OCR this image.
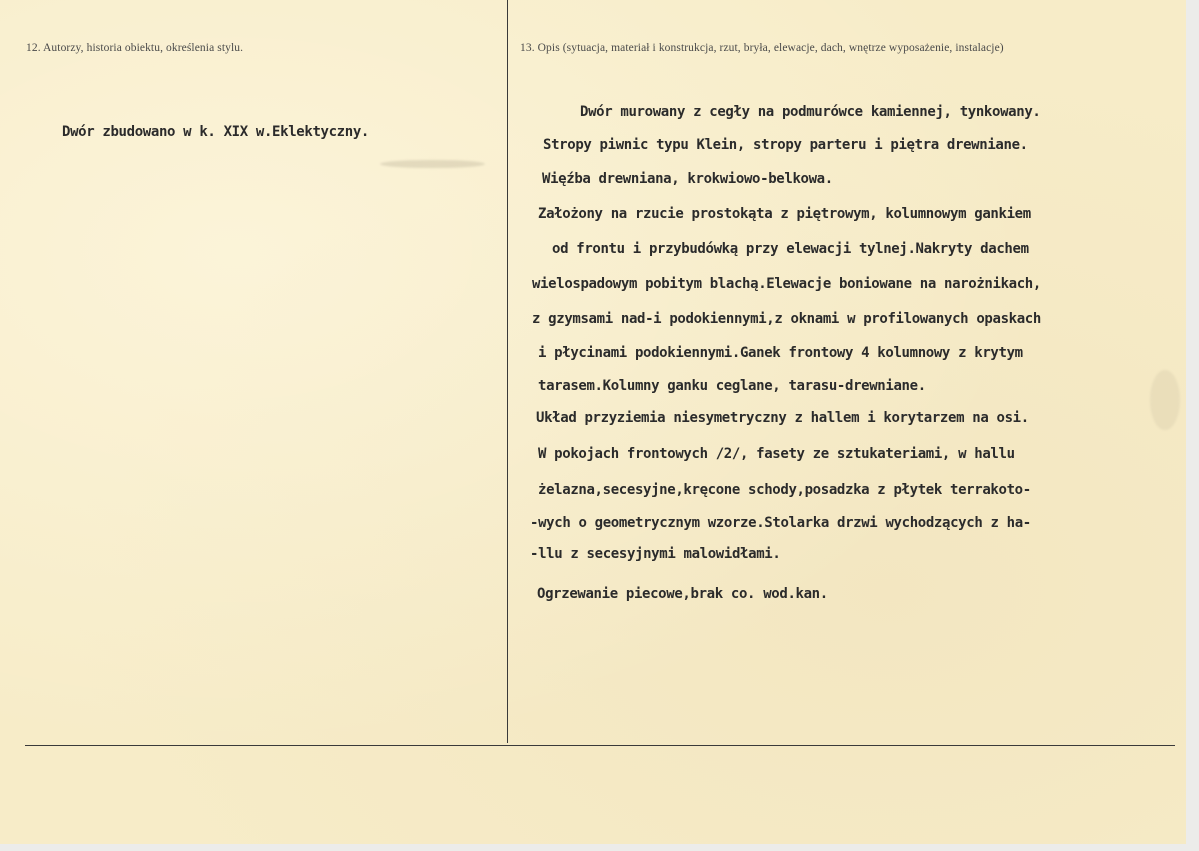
12. Autorzy, historia obiektu, określenia stylu.	13. Opis (sytuacja, materiał i konstrukcja, rzut, bryła, elewacje, dach, wnętrze wyposażenie, instalacje)
Dwór zbudowano w k. XIX w.Eklektyczny.
Dwór murowany z cegły na podmurówce kamiennej, tynkowany.
Stropy piwnic typu Klein, stropy parteru i piętra drewniane.
Więźba drewniana, krokwiowo-belkowa.
Założony na rzucie prostokąta z piętrowym, kolumnowym gankiem
od frontu i przybudówką przy elewacji tylnej.Nakryty dachem
wielospadowym pobitym blachą.Elewacje boniowane na narożnikach,
z gzymsami nad-i podokiennymi,z oknami w profilowanych opaskach
i płycinami podokiennymi.Ganek frontowy 4 kolumnowy z krytym
tarasem.Kolumny ganku ceglane, tarasu-drewniane.
Układ przyziemia niesymetryczny z hallem i korytarzem na osi.
W pokojach frontowych /2/, fasety ze sztukateriami, w hallu
żelazna,secesyjne,kręcone schody,posadzka z płytek terrakoto-
-wych o geometrycznym wzorze.Stolarka drzwi wychodzących z ha-
-llu z secesyjnymi malowidłami.
Ogrzewanie piecowe,brak co. wod.kan.
